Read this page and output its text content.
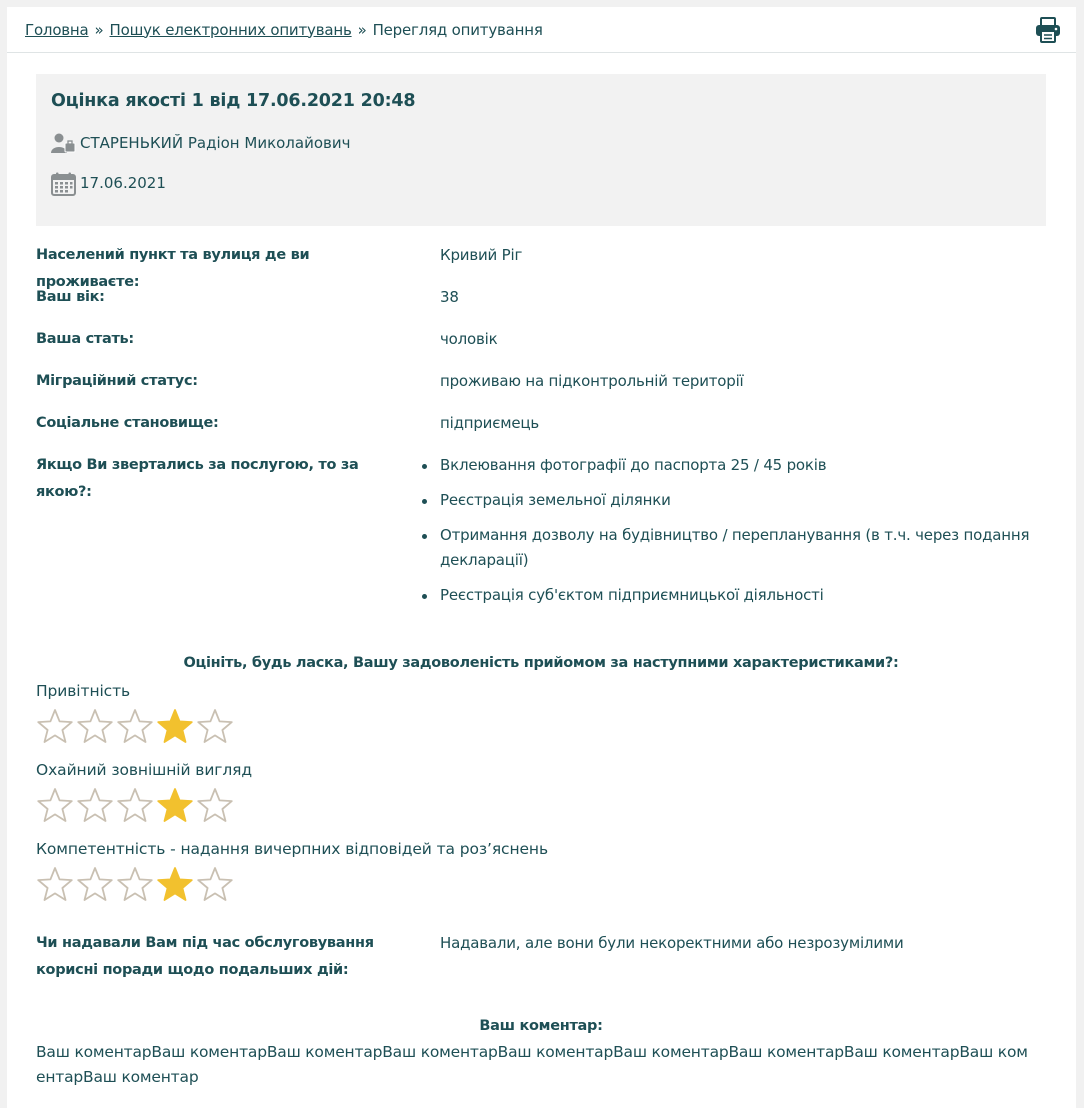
Головна » Пошук електронних опитувань » Перегляд опитування
Оцінка якості 1 від 17.06.2021 20:48
СТАРЕНЬКИЙ Радіон Миколайович
17.06.2021
Населений пункт та вулиця де ви проживаєте:
Кривий Ріг
Ваш вік:	38
Ваша стать:	чоловік
Міграційний статус:	проживаю на підконтрольній території
Соціальне становище:	підприємець
Якщо Ви звертались за послугою, то за якою?:
Вклеювання фотографії до паспорта 25 / 45 років
Реєстрація земельної ділянки
Отримання дозволу на будівництво / перепланування (в т.ч. через подання декларації)
Реєстрація суб'єктом підприємницької діяльності
Оцініть, будь ласка, Вашу задоволеність прийомом за наступними характеристиками?:
Привітність
Охайний зовнішній вигляд
Компетентність - надання вичерпних відповідей та роз’яснень
Чи надавали Вам під час обслуговування корисні поради щодо подальших дій:
Надавали, але вони були некоректними або незрозумілими
Ваш коментар:
Ваш коментарВаш коментарВаш коментарВаш коментарВаш коментарВаш коментарВаш коментарВаш коментарВаш коментарВаш коментар
